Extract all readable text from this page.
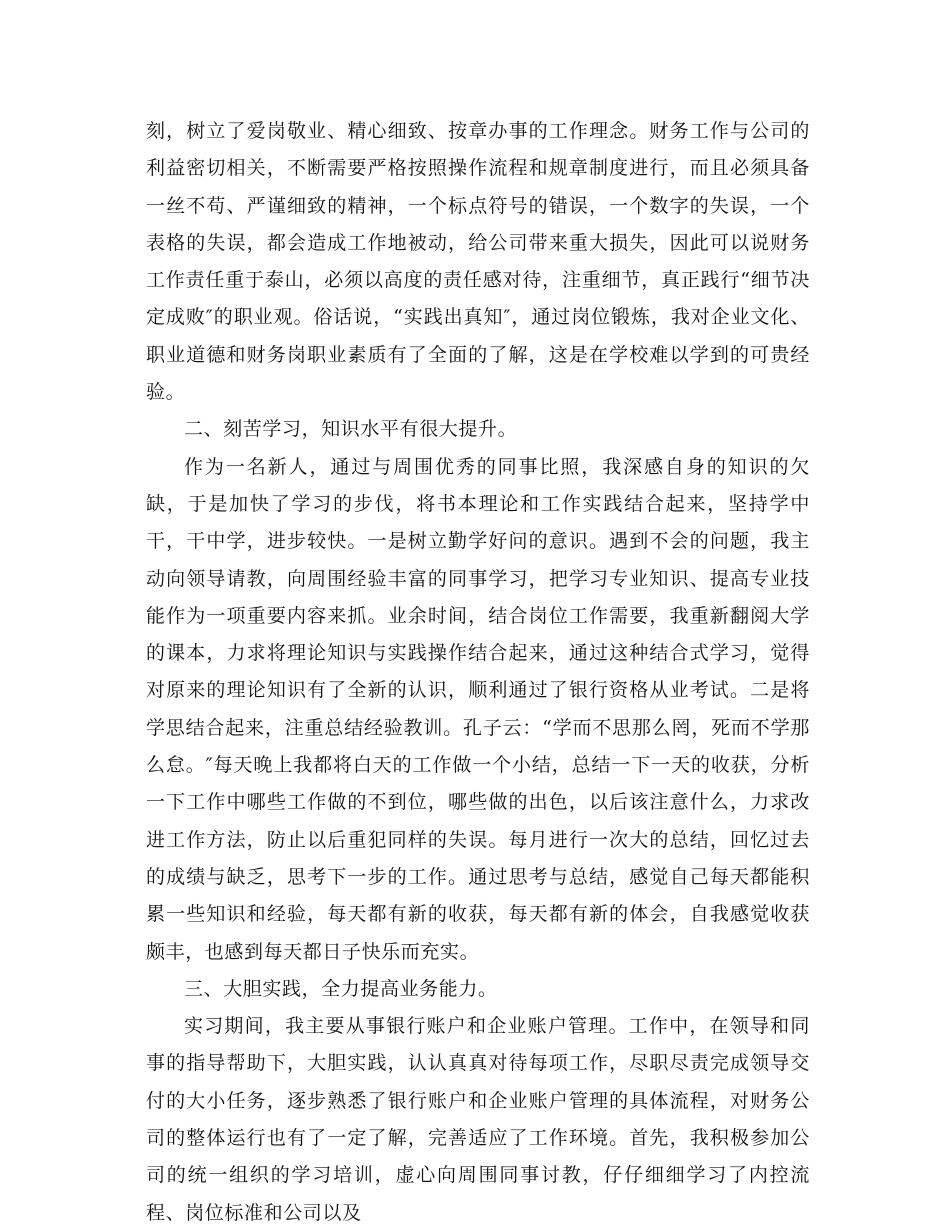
刻，树立了爱岗敬业、精心细致、按章办事的工作理念。财务工作与公司的利益密切相关，不断需要严格按照操作流程和规章制度进行，而且必须具备一丝不苟、严谨细致的精神，一个标点符号的错误，一个数字的失误，一个表格的失误，都会造成工作地被动，给公司带来重大损失，因此可以说财务工作责任重于泰山，必须以高度的责任感对待，注重细节，真正践行“细节决定成败″的职业观。俗话说，“实践出真知″，通过岗位锻炼，我对企业文化、职业道德和财务岗职业素质有了全面的了解，这是在学校难以学到的可贵经验。

二、刻苦学习，知识水平有很大提升。

作为一名新人，通过与周围优秀的同事比照，我深感自身的知识的欠缺，于是加快了学习的步伐，将书本理论和工作实践结合起来，坚持学中干，干中学，进步较快。一是树立勤学好问的意识。遇到不会的问题，我主动向领导请教，向周围经验丰富的同事学习，把学习专业知识、提高专业技能作为一项重要内容来抓。业余时间，结合岗位工作需要，我重新翻阅大学的课本，力求将理论知识与实践操作结合起来，通过这种结合式学习，觉得对原来的理论知识有了全新的认识，顺利通过了银行资格从业考试。二是将学思结合起来，注重总结经验教训。孔子云：“学而不思那么罔，死而不学那么怠。″每天晚上我都将白天的工作做一个小结，总结一下一天的收获，分析一下工作中哪些工作做的不到位，哪些做的出色，以后该注意什么，力求改进工作方法，防止以后重犯同样的失误。每月进行一次大的总结，回忆过去的成绩与缺乏，思考下一步的工作。通过思考与总结，感觉自己每天都能积累一些知识和经验，每天都有新的收获，每天都有新的体会，自我感觉收获颇丰，也感到每天都日子快乐而充实。

三、大胆实践，全力提高业务能力。

实习期间，我主要从事银行账户和企业账户管理。工作中，在领导和同事的指导帮助下，大胆实践，认认真真对待每项工作，尽职尽责完成领导交付的大小任务，逐步熟悉了银行账户和企业账户管理的具体流程，对财务公司的整体运行也有了一定了解，完善适应了工作环境。首先，我积极参加公司的统一组织的学习培训，虚心向周围同事讨教，仔仔细细学习了内控流程、岗位标准和公司以及
